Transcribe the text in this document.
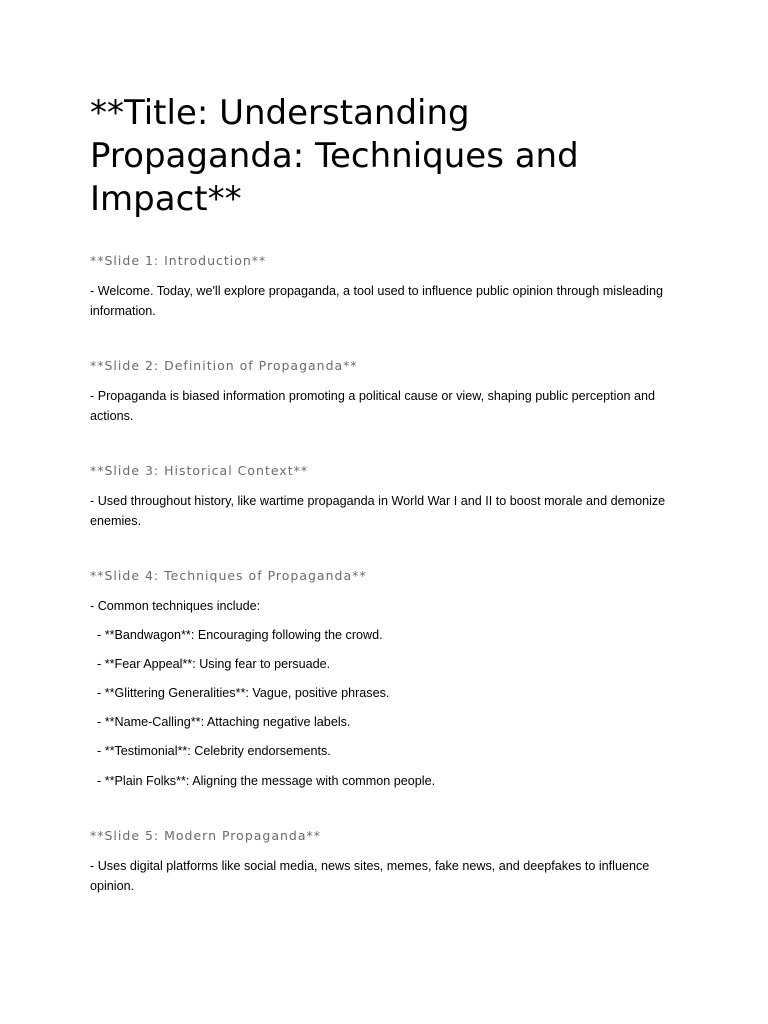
**Title: Understanding Propaganda: Techniques and Impact**

**Slide 1: Introduction**

- Welcome. Today, we'll explore propaganda, a tool used to influence public opinion through misleading information.

**Slide 2: Definition of Propaganda**

- Propaganda is biased information promoting a political cause or view, shaping public perception and actions.

**Slide 3: Historical Context**

- Used throughout history, like wartime propaganda in World War I and II to boost morale and demonize enemies.

**Slide 4: Techniques of Propaganda**

- Common techniques include:

- **Bandwagon**: Encouraging following the crowd.

- **Fear Appeal**: Using fear to persuade.

- **Glittering Generalities**: Vague, positive phrases.

- **Name-Calling**: Attaching negative labels.

- **Testimonial**: Celebrity endorsements.

- **Plain Folks**: Aligning the message with common people.

**Slide 5: Modern Propaganda**

- Uses digital platforms like social media, news sites, memes, fake news, and deepfakes to influence opinion.
